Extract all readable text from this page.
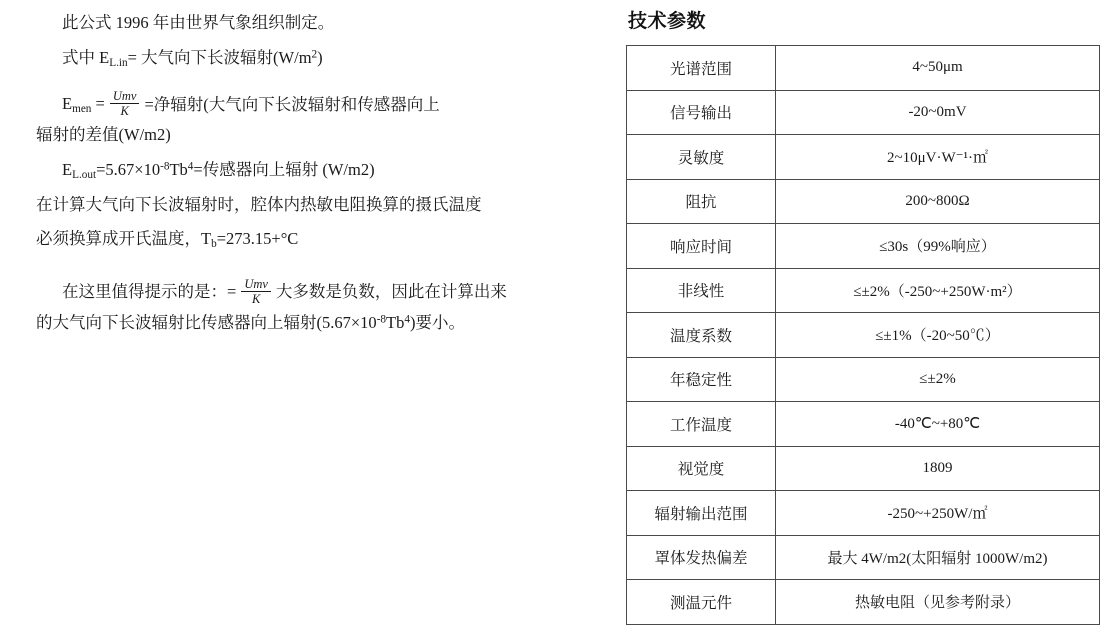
此公式 1996 年由世界气象组织制定。

式中 $E_{L.in}=$ 大气向下长波辐射$(W/m^2)$

$E_{men} = \frac{\text{Umv}}{K}$ =净辐射(大气向下长波辐射和传感器向上

辐射的差值(W/m2)

$E_{L.out}=5.67\times 10^{-8}Tb^4=$传感器向上辐射 (W/m2)

在计算大气向下长波辐射时，腔体内热敏电阻换算的摄氏温度

必须换算成开氏温度，$T_b=273.15+^\circ C$

在这里值得提示的是：= $\frac{\text{Umv}}{K}$ 大多数是负数，因此在计算出来

的大气向下长波辐射比传感器向上辐射$(5.67\times 10^{-8}Tb^4)$要小。

技术参数
光谱范围	4~50μm
信号输出	-20~0mV
灵敏度	2~10μV·W⁻¹·㎡
阻抗	200~800Ω
响应时间	≤30s（99%响应）
非线性	≤±2%（-250~+250W·m²）
温度系数	≤±1%（-20~50℃）
年稳定性	≤±2%
工作温度	-40℃~+80℃
视觉度	1809
辐射输出范围	-250~+250W/㎡
罩体发热偏差	最大 4W/m2(太阳辐射 1000W/m2)
测温元件	热敏电阻（见参考附录）
